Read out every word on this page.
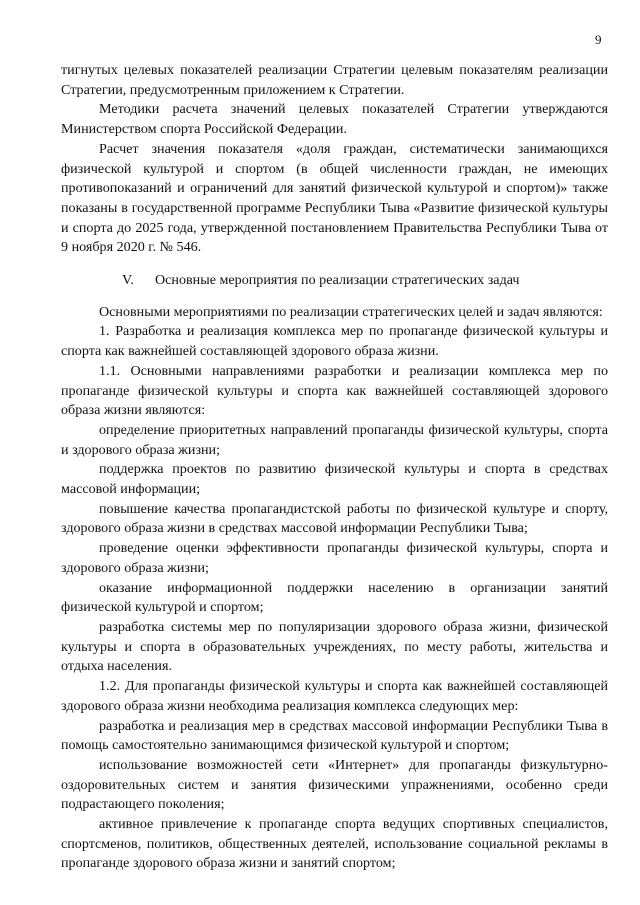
9

тигнутых целевых показателей реализации Стратегии целевым показателям реализации Стратегии, предусмотренным приложением к Стратегии.

Методики расчета значений целевых показателей Стратегии утверждаются Министерством спорта Российской Федерации.

Расчет значения показателя «доля граждан, систематически занимающихся физической культурой и спортом (в общей численности граждан, не имеющих противопоказаний и ограничений для занятий физической культурой и спортом)» также показаны в государственной программе Республики Тыва «Развитие физической культуры и спорта до 2025 года, утвержденной постановлением Правительства Республики Тыва от 9 ноября 2020 г. № 546.

V. Основные мероприятия по реализации стратегических задач

Основными мероприятиями по реализации стратегических целей и задач являются:

1. Разработка и реализация комплекса мер по пропаганде физической культуры и спорта как важнейшей составляющей здорового образа жизни.

1.1. Основными направлениями разработки и реализации комплекса мер по пропаганде физической культуры и спорта как важнейшей составляющей здорового образа жизни являются:

определение приоритетных направлений пропаганды физической культуры, спорта и здорового образа жизни;

поддержка проектов по развитию физической культуры и спорта в средствах массовой информации;

повышение качества пропагандистской работы по физической культуре и спорту, здорового образа жизни в средствах массовой информации Республики Тыва;

проведение оценки эффективности пропаганды физической культуры, спорта и здорового образа жизни;

оказание информационной поддержки населению в организации занятий физической культурой и спортом;

разработка системы мер по популяризации здорового образа жизни, физической культуры и спорта в образовательных учреждениях, по месту работы, жительства и отдыха населения.

1.2. Для пропаганды физической культуры и спорта как важнейшей составляющей здорового образа жизни необходима реализация комплекса следующих мер:

разработка и реализация мер в средствах массовой информации Республики Тыва в помощь самостоятельно занимающимся физической культурой и спортом;

использование возможностей сети «Интернет» для пропаганды физкультурно-оздоровительных систем и занятия физическими упражнениями, особенно среди подрастающего поколения;

активное привлечение к пропаганде спорта ведущих спортивных специалистов, спортсменов, политиков, общественных деятелей, использование социальной рекламы в пропаганде здорового образа жизни и занятий спортом;
